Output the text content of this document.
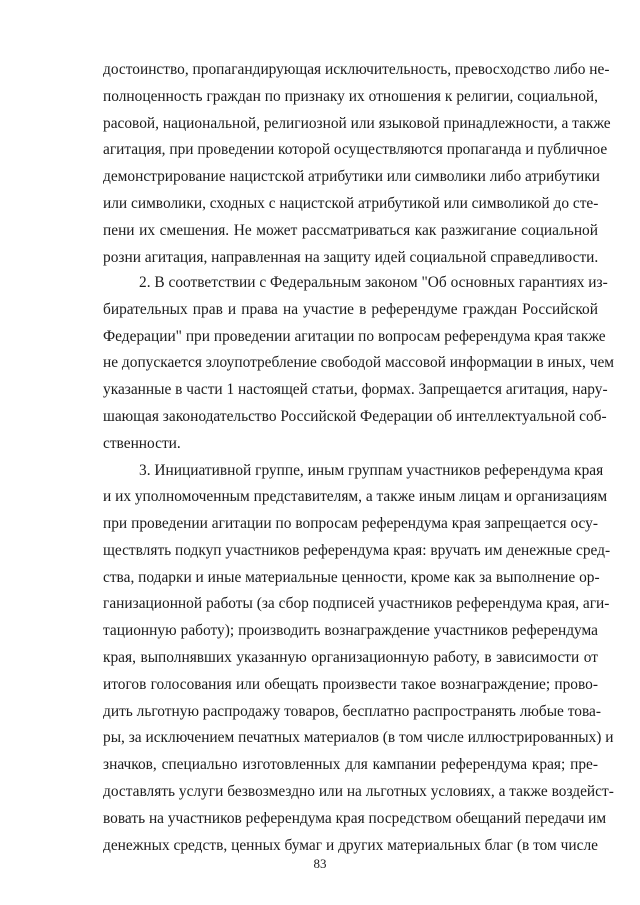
достоинство, пропагандирующая исключительность, превосходство либо не-
полноценность граждан по признаку их отношения к религии, социальной,
расовой, национальной, религиозной или языковой принадлежности, а также
агитация, при проведении которой осуществляются пропаганда и публичное
демонстрирование нацистской атрибутики или символики либо атрибутики
или символики, сходных с нацистской атрибутикой или символикой до сте-
пени их смешения. Не может рассматриваться как разжигание социальной
розни агитация, направленная на защиту идей социальной справедливости.
2. В соответствии с Федеральным законом "Об основных гарантиях из-
бирательных прав и права на участие в референдуме граждан Российской
Федерации" при проведении агитации по вопросам референдума края также
не допускается злоупотребление свободой массовой информации в иных, чем
указанные в части 1 настоящей статьи, формах. Запрещается агитация, нару-
шающая законодательство Российской Федерации об интеллектуальной соб-
ственности.
3. Инициативной группе, иным группам участников референдума края
и их уполномоченным представителям, а также иным лицам и организациям
при проведении агитации по вопросам референдума края запрещается осу-
ществлять подкуп участников референдума края: вручать им денежные сред-
ства, подарки и иные материальные ценности, кроме как за выполнение ор-
ганизационной работы (за сбор подписей участников референдума края, аги-
тационную работу); производить вознаграждение участников референдума
края, выполнявших указанную организационную работу, в зависимости от
итогов голосования или обещать произвести такое вознаграждение; прово-
дить льготную распродажу товаров, бесплатно распространять любые това-
ры, за исключением печатных материалов (в том числе иллюстрированных) и
значков, специально изготовленных для кампании референдума края; пре-
доставлять услуги безвозмездно или на льготных условиях, а также воздейст-
вовать на участников референдума края посредством обещаний передачи им
денежных средств, ценных бумаг и других материальных благ (в том числе
83
